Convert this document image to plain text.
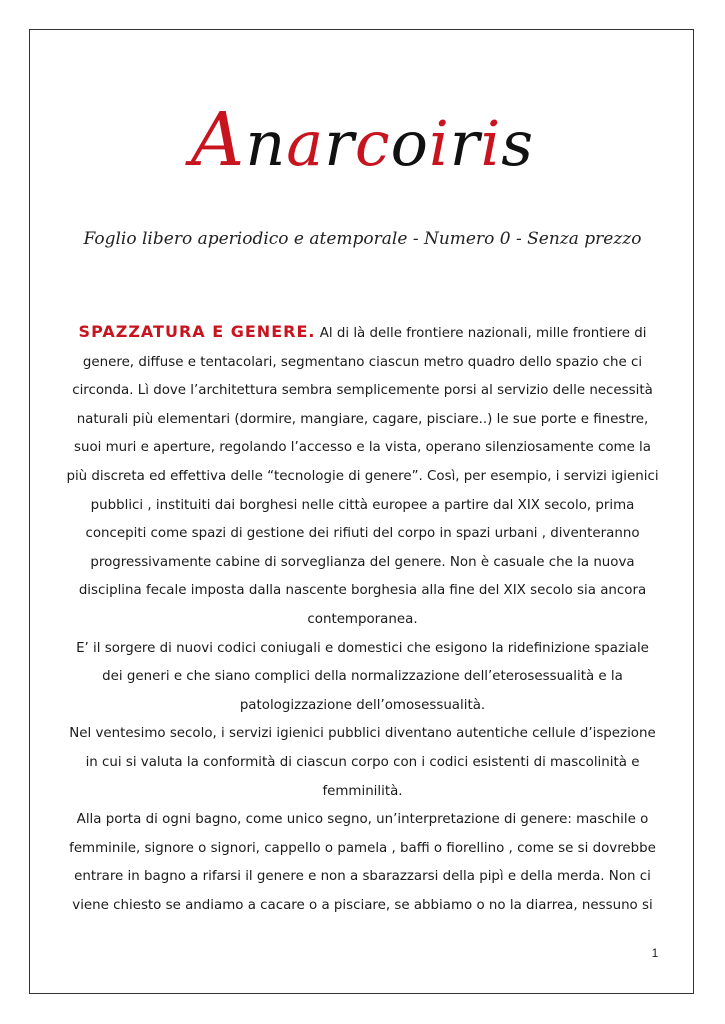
Anarcoiris
Foglio libero aperiodico e atemporale - Numero 0 - Senza prezzo

SPAZZATURA E GENERE. Al di là delle frontiere nazionali, mille frontiere di genere, diffuse e tentacolari, segmentano ciascun metro quadro dello spazio che ci circonda. Lì dove l’architettura sembra semplicemente porsi al servizio delle necessità naturali più elementari (dormire, mangiare, cagare, pisciare..) le sue porte e finestre, suoi muri e aperture, regolando l’accesso e la vista, operano silenziosamente come la più discreta ed effettiva delle “tecnologie di genere”. Così, per esempio, i servizi igienici pubblici , instituiti dai borghesi nelle città europee a partire dal XIX secolo, prima concepiti come spazi di gestione dei rifiuti del corpo in spazi urbani , diventeranno progressivamente cabine di sorveglianza del genere. Non è casuale che la nuova disciplina fecale imposta dalla nascente borghesia alla fine del XIX secolo sia ancora contemporanea.

E’ il sorgere di nuovi codici coniugali e domestici che esigono la ridefinizione spaziale dei generi e che siano complici della normalizzazione dell’eterosessualità e la patologizzazione dell’omosessualità.

Nel ventesimo secolo, i servizi igienici pubblici diventano autentiche cellule d’ispezione in cui si valuta la conformità di ciascun corpo con i codici esistenti di mascolinità e femminilità.

Alla porta di ogni bagno, come unico segno, un’interpretazione di genere: maschile o femminile, signore o signori, cappello o pamela , baffi o fiorellino , come se si dovrebbe entrare in bagno a rifarsi il genere e non a sbarazzarsi della pipì e della merda. Non ci viene chiesto se andiamo a cacare o a pisciare, se abbiamo o no la diarrea, nessuno si

1
